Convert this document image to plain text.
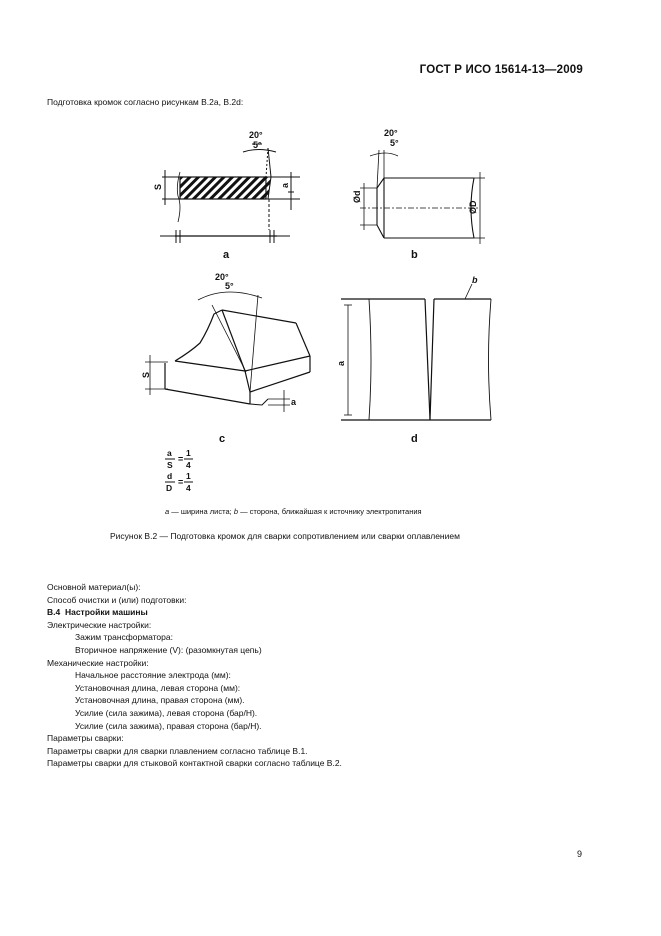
ГОСТ Р ИСО 15614-13—2009
Подготовка кромок согласно рисункам B.2a, B.2d:
20°
5°
S	a
a
20°
5°
Ød
ØD
b
20°
5°
S
a
c
a
b
d
a
S
=
1
4
d
D
=
1
4
a — ширина листа; b — сторона, ближайшая к источнику электропитания
Рисунок B.2 — Подготовка кромок для сварки сопротивлением или сварки оплавлением
Основной материал(ы):
Способ очистки и (или) подготовки:
B.4 Настройки машины
Электрические настройки:
Зажим трансформатора:
Вторичное напряжение (V): (разомкнутая цепь)
Механические настройки:
Начальное расстояние электрода (мм):
Установочная длина, левая сторона (мм):
Установочная длина, правая сторона (мм).
Усилие (сила зажима), левая сторона (бар/Н).
Усилие (сила зажима), правая сторона (бар/Н).
Параметры сварки:
Параметры сварки для сварки плавлением согласно таблице B.1.
Параметры сварки для стыковой контактной сварки согласно таблице B.2.
9
